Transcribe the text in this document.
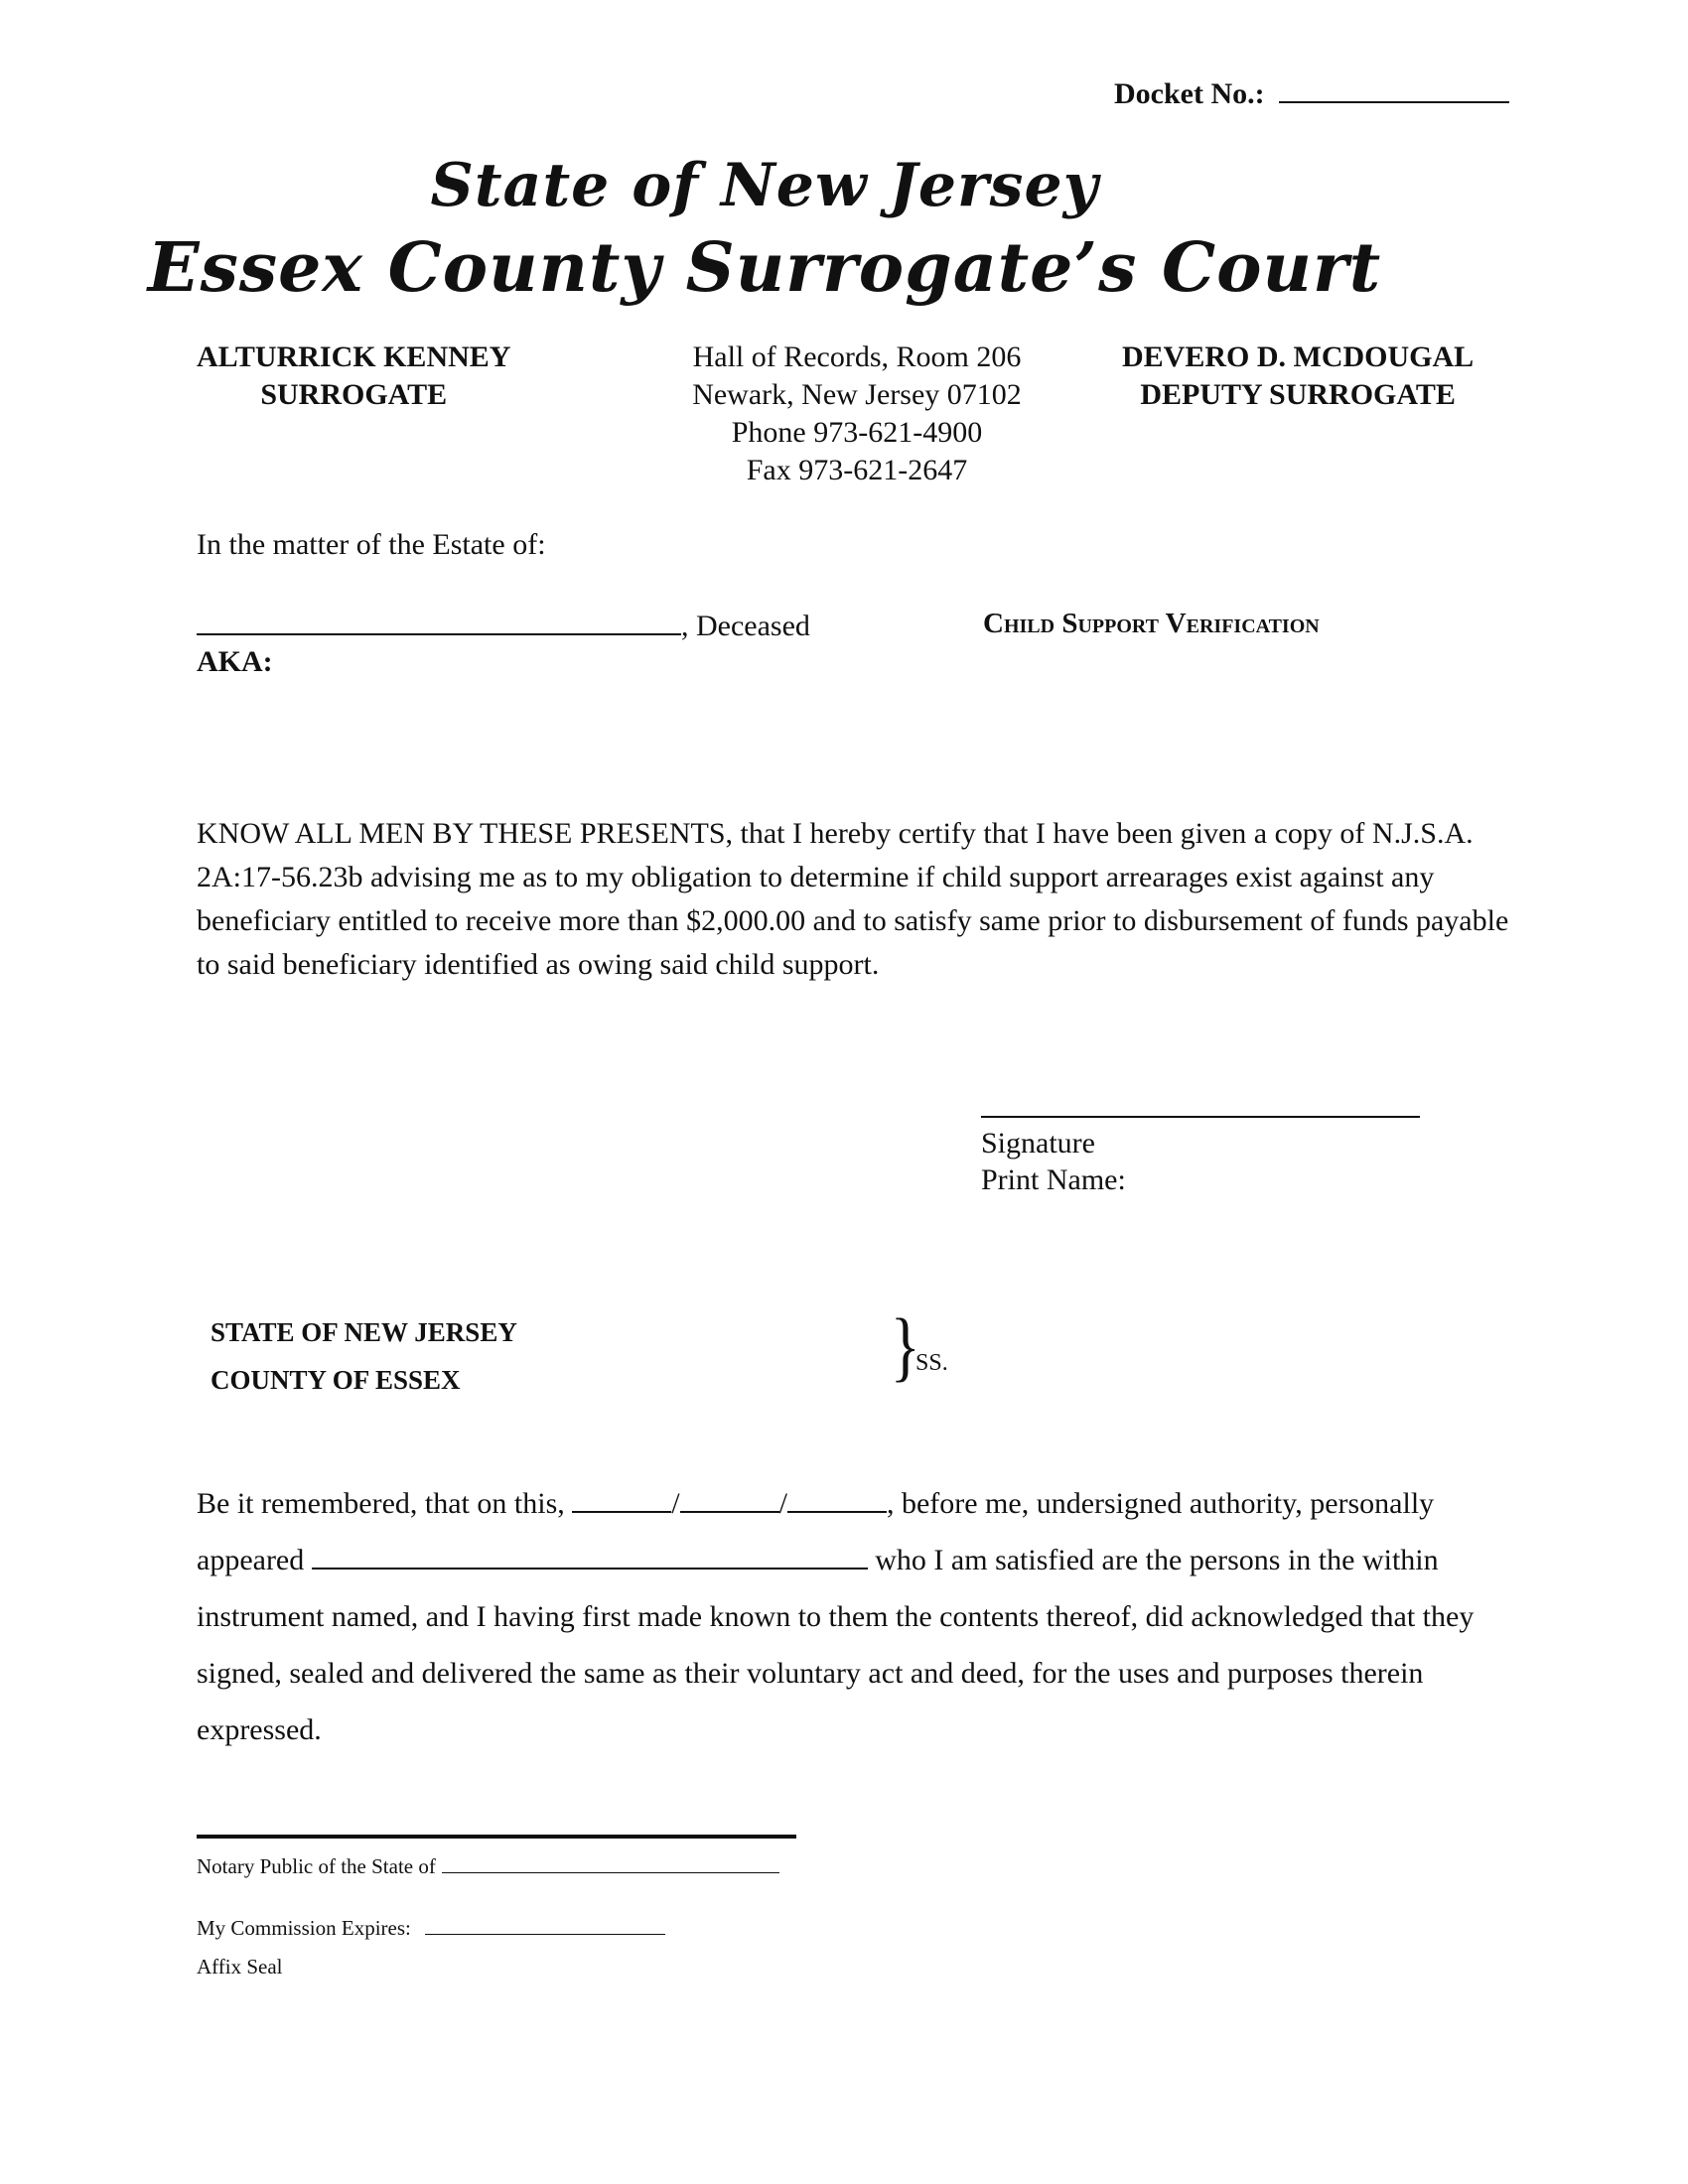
Docket No.:
State of New Jersey
Essex County Surrogate’s Court
ALTURRICK KENNEY
SURROGATE
Hall of Records, Room 206
Newark, New Jersey 07102
Phone 973-621-4900
Fax 973-621-2647
DEVERO D. MCDOUGAL
DEPUTY SURROGATE
In the matter of the Estate of:
, Deceased	Child Support Verification
AKA:
KNOW ALL MEN BY THESE PRESENTS, that I hereby certify that I have been given a copy of N.J.S.A. 2A:17-56.23b advising me as to my obligation to determine if child support arrearages exist against any beneficiary entitled to receive more than $2,000.00 and to satisfy same prior to disbursement of funds payable to said beneficiary identified as owing said child support.
Signature
Print Name:
STATE OF NEW JERSEY
COUNTY OF ESSEX	}
SS.
Be it remembered, that on this,	/	/	, before me, undersigned authority, personally appeared	who I am satisfied are the persons in the within instrument named, and I having first made known to them the contents thereof, did acknowledged that they signed, sealed and delivered the same as their voluntary act and deed, for the uses and purposes therein expressed.
Notary Public of the State of
My Commission Expires:
Affix Seal
